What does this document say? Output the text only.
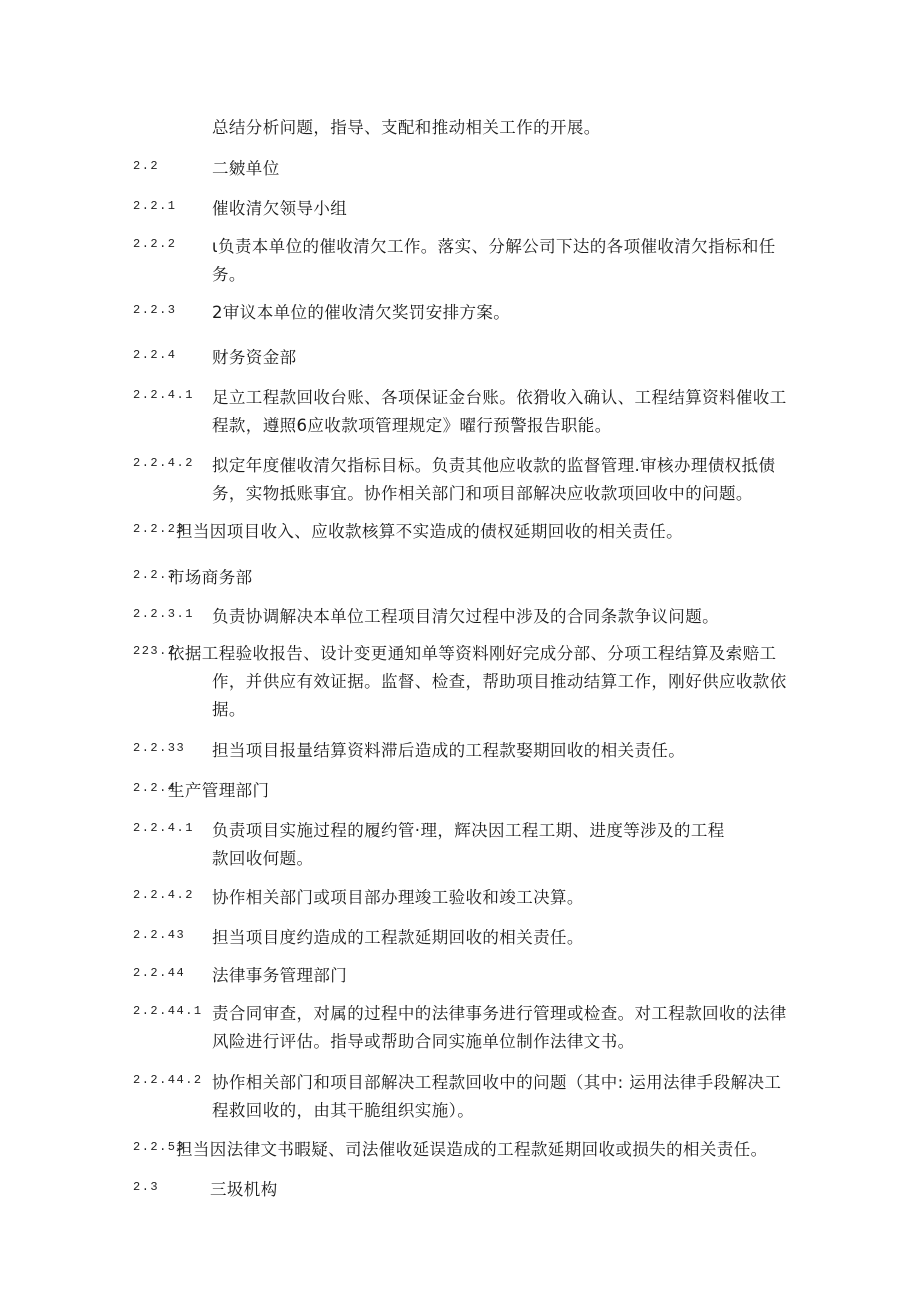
总结分析问题，指导、支配和推动相关工作的开展。
2.2	二皴单位
2.2.1 催收清欠领导小组
2.2.2 ι负责本单位的催收清欠工作。落实、分解公司下达的各项催收清欠指标和任
务。
2.2.3 2审议本单位的催收清欠奖罚安排方案。
2.2.4 财务资金部
2.2.4.1 足立工程款回收台账、各项保证金台账。依猾收入确认、工程结算资料催收工
程款，遵照6应收款项管理规定》曜行预警报告职能。
2.2.4.2 拟定年度催收清欠指标目标。负责其他应收款的监督管理.审核办理债权抵债
务，实物抵账事宜。协作相关部门和项目部解决应收款项回收中的问题。
2.2.23
担当因项目收入、应收款核算不实造成的债权延期回收的相关责任。
2.2.3
市场商务部
2.2.3.1 负责协调解决本单位工程项目清欠过程中涉及的合同条款争议问题。
223.2
依据工程验收报告、设计变更通知单等资料刚好完成分部、分项工程结算及索赔工
作，并供应有效证据。监督、检查，帮助项目推动结算工作，刚好供应收款依
据。
2.2.33 担当项目报量结算资料滞后造成的工程款娶期回收的相关责任。
2.2.4
生产管理部门
2.2.4.1 负责项目实施过程的履约管·理，辉决因工程工期、进度等涉及的工程
款回收何题。
2.2.4.2 协作相关部门或项目部办理竣工验收和竣工决算。
2.2.43 担当项目度约造成的工程款延期回收的相关责任。
2.2.44 法律事务管理部门
2.2.44.1 责合同审查，对属的过程中的法律事务进行管理或检查。对工程款回收的法律
风险进行评估。指导或帮助合同实施单位制作法律文书。
2.2.44.2 协作相关部门和项目部解决工程款回收中的问题（其中: 运用法律手段解决工
程救回收的，由其干脆组织实施）。
2.2.53
担当因法律文书暇疑、司法催收延误造成的工程款延期回收或损失的相关责任。
2.3	三圾机构
